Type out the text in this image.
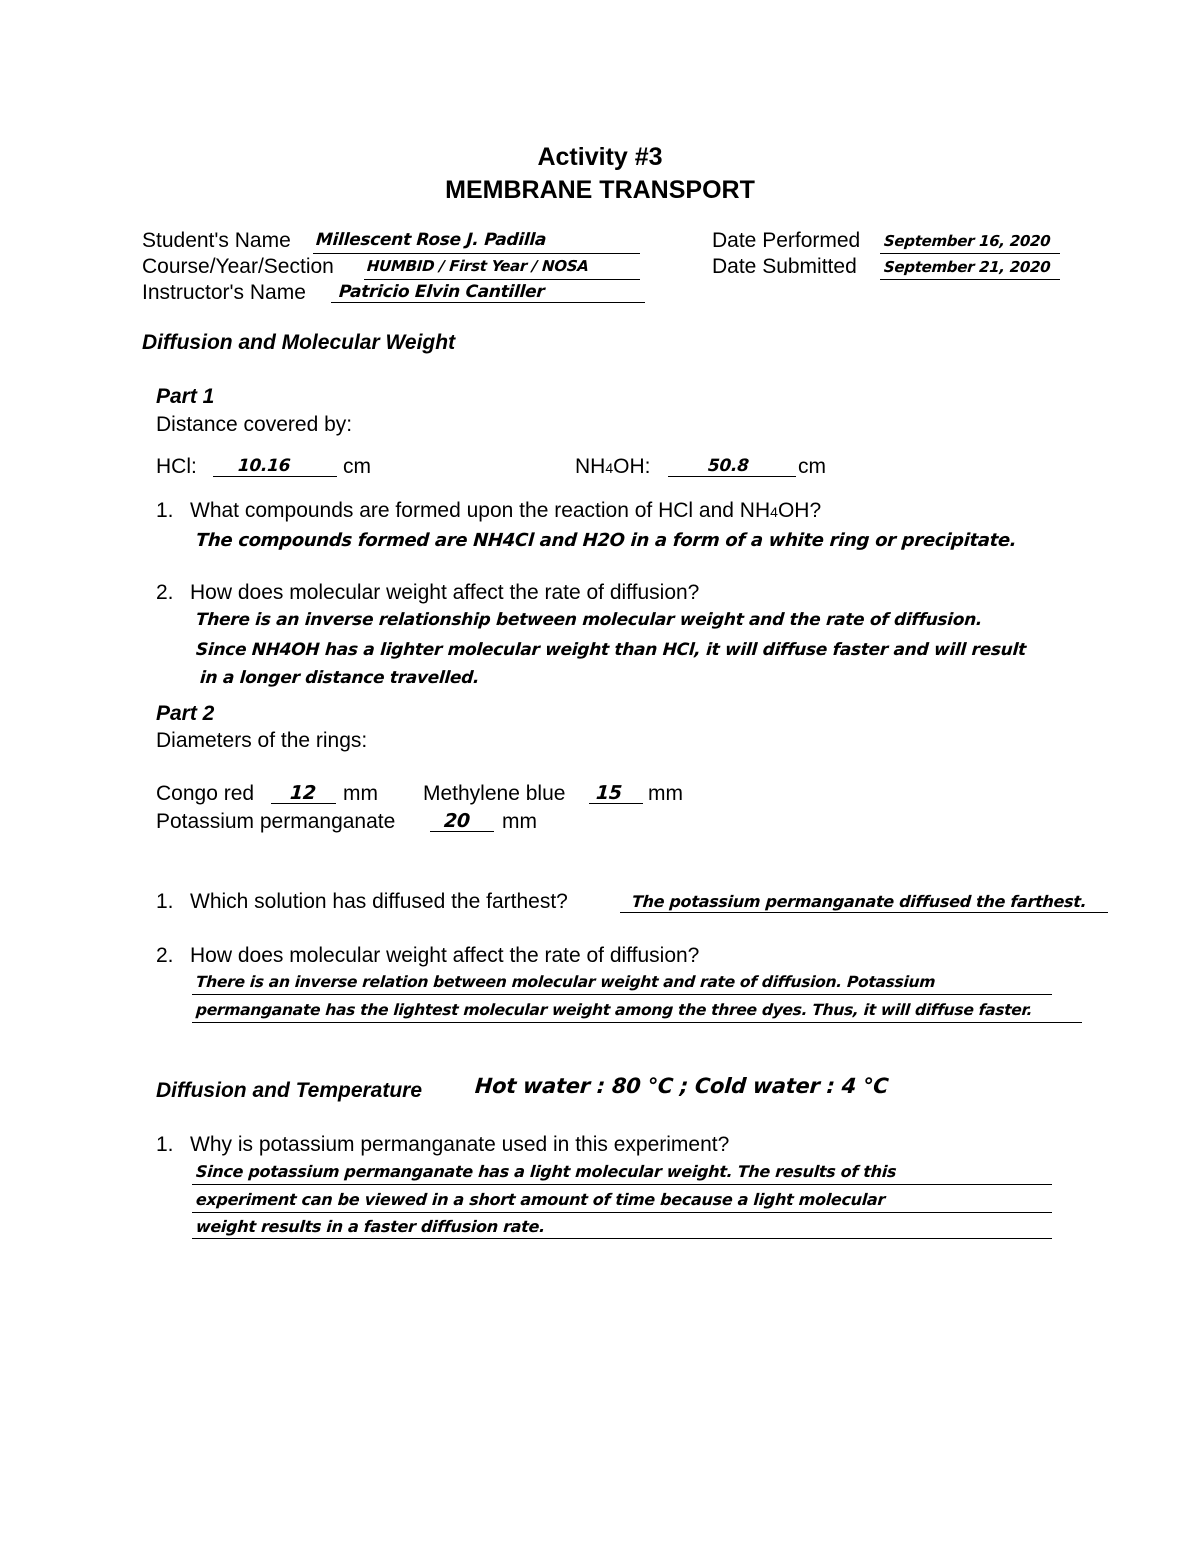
Activity #3
MEMBRANE TRANSPORT
Student's Name Millescent Rose J. Padilla
Course/Year/Section HUMBID / First Year / NOSA
Instructor's Name Patricio Elvin Cantiller
Date Performed September 16, 2020
Date Submitted September 21, 2020
Diffusion and Molecular Weight
Part 1
Distance covered by:
HCl: 10.16 cm	NH4OH:	50.8 cm
1. What compounds are formed upon the reaction of HCl and NH4OH?
The compounds formed are NH4Cl and H2O in a form of a white ring or precipitate.
2. How does molecular weight affect the rate of diffusion?
There is an inverse relationship between molecular weight and the rate of diffusion.
Since NH4OH has a lighter molecular weight than HCl, it will diffuse faster and will result
in a longer distance travelled.
Part 2
Diameters of the rings:
Congo red 12 mm Methylene blue 15 mm
Potassium permanganate	20 mm
1. Which solution has diffused the farthest?	The potassium permanganate diffused the farthest.
2. How does molecular weight affect the rate of diffusion?
There is an inverse relation between molecular weight and rate of diffusion. Potassium
permanganate has the lightest molecular weight among the three dyes. Thus, it will diffuse faster.
Diffusion and Temperature Hot water : 80 °C ; Cold water : 4 °C
1. Why is potassium permanganate used in this experiment?
Since potassium permanganate has a light molecular weight. The results of this
experiment can be viewed in a short amount of time because a light molecular
weight results in a faster diffusion rate.
